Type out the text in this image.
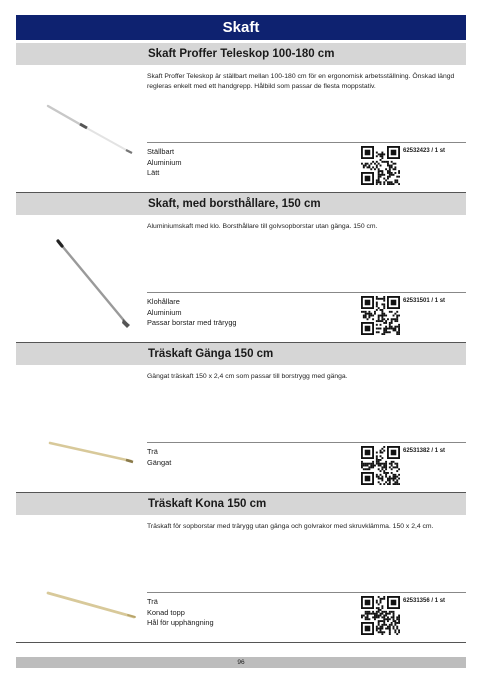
Skaft
Skaft Proffer Teleskop 100-180 cm
Skaft Proffer Teleskop är ställbart mellan 100-180 cm för en ergonomisk arbetsställning. Önskad längd regleras enkelt med ett handgrepp. Hålbild som passar de flesta moppstativ.
Ställbart
Aluminium
Lätt
62532423 / 1 st
Skaft, med borsthållare, 150 cm
Aluminiumskaft med klo. Borsthållare till golvsopborstar utan gänga. 150 cm.
Klohållare
Aluminium
Passar borstar med trärygg
62531501 / 1 st
Träskaft Gänga 150 cm
Gängat träskaft 150 x 2,4 cm som passar till borstrygg med gänga.
Trä
Gängat
62531382 / 1 st
Träskaft Kona 150 cm
Träskaft för sopborstar med trärygg utan gänga och golvrakor med skruvklämma. 150 x 2,4 cm.
Trä
Konad topp
Hål för upphängning
62531356 / 1 st
96
